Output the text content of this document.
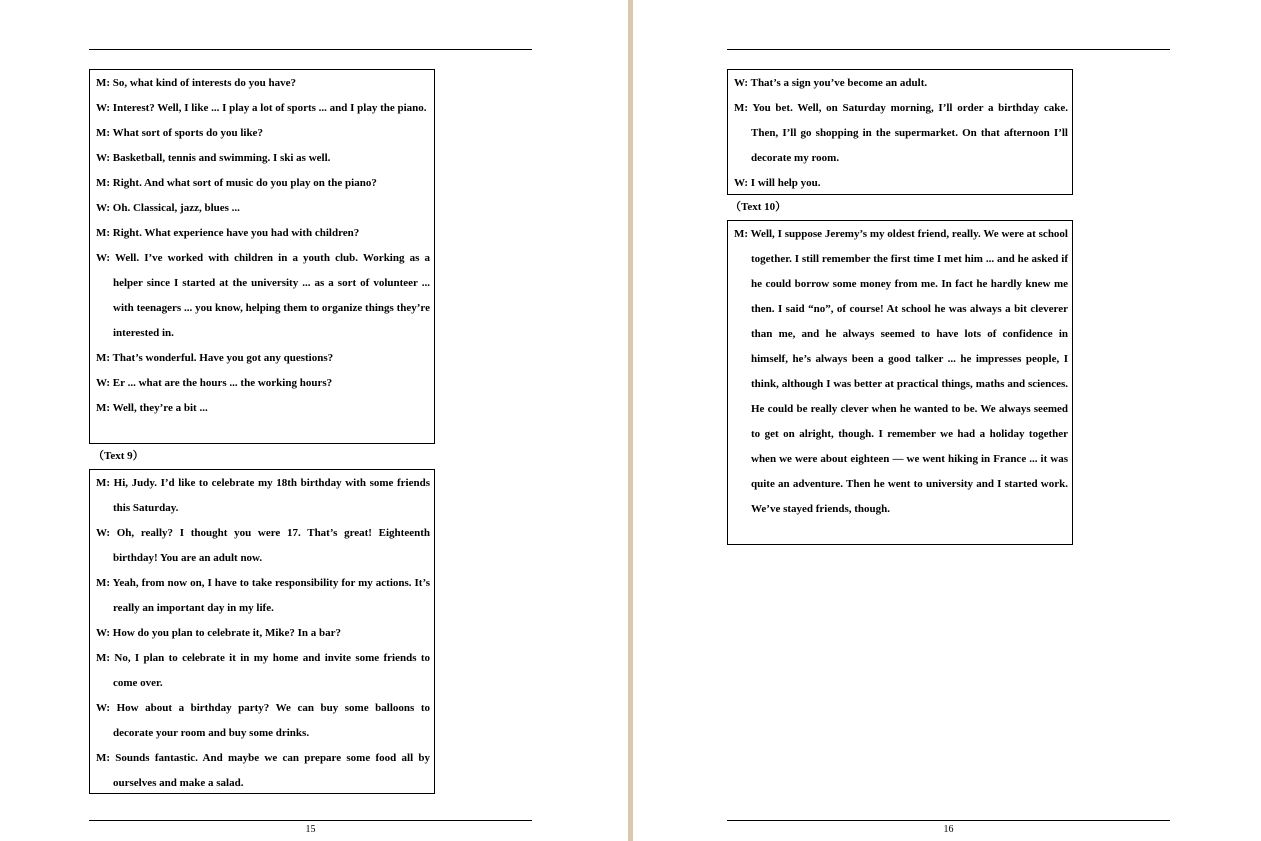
M: So, what kind of interests do you have?
W: Interest? Well, I like ... I play a lot of sports ... and I play the piano.
M: What sort of sports do you like?
W: Basketball, tennis and swimming. I ski as well.
M: Right. And what sort of music do you play on the piano?
W: Oh. Classical, jazz, blues ...
M: Right. What experience have you had with children?
W: Well. I’ve worked with children in a youth club. Working as a helper since I started at the university ... as a sort of volunteer ... with teenagers ... you know, helping them to organize things they’re interested in.
M: That’s wonderful. Have you got any questions?
W: Er ... what are the hours ... the working hours?
M: Well, they’re a bit ...
（Text 9）
M: Hi, Judy. I’d like to celebrate my 18th birthday with some friends this Saturday.
W: Oh, really? I thought you were 17. That’s great! Eighteenth birthday! You are an adult now.
M: Yeah, from now on, I have to take responsibility for my actions. It’s really an important day in my life.
W: How do you plan to celebrate it, Mike? In a bar?
M: No, I plan to celebrate it in my home and invite some friends to come over.
W: How about a birthday party? We can buy some balloons to decorate your room and buy some drinks.
M: Sounds fantastic. And maybe we can prepare some food all by ourselves and make a salad.
15
W: That’s a sign you’ve become an adult.
M: You bet. Well, on Saturday morning, I’ll order a birthday cake. Then, I’ll go shopping in the supermarket. On that afternoon I’ll decorate my room.
W: I will help you.
（Text 10）
M: Well, I suppose Jeremy’s my oldest friend, really. We were at school together. I still remember the first time I met him ... and he asked if he could borrow some money from me. In fact he hardly knew me then. I said “no”, of course! At school he was always a bit cleverer than me, and he always seemed to have lots of confidence in himself, he’s always been a good talker ... he impresses people, I think, although I was better at practical things, maths and sciences. He could be really clever when he wanted to be. We always seemed to get on alright, though. I remember we had a holiday together when we were about eighteen — we went hiking in France ... it was quite an adventure. Then he went to university and I started work. We’ve stayed friends, though.
16
